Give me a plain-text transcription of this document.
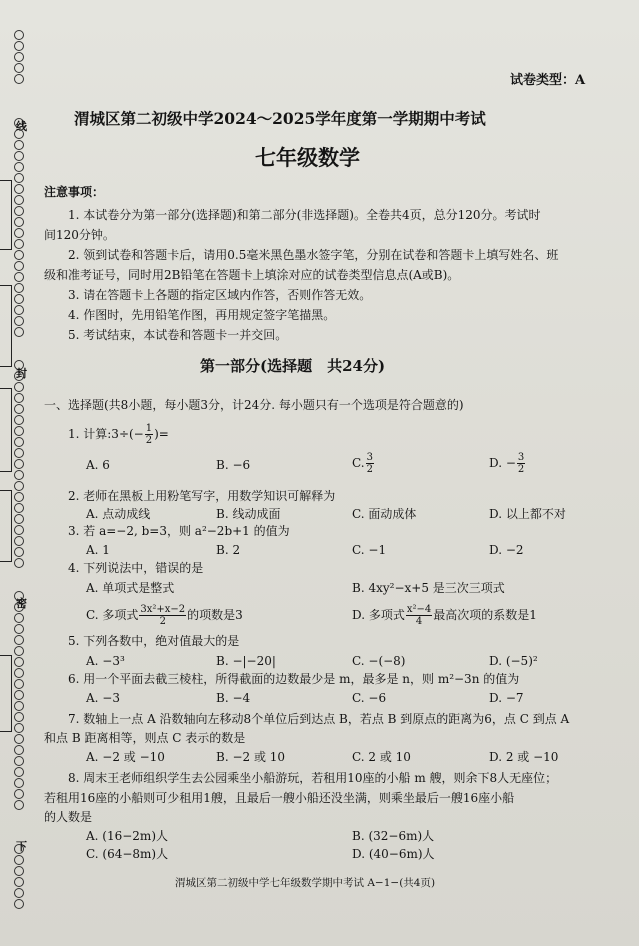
线
封
密
下
试卷类型：A
渭城区第二初级中学2024～2025学年度第一学期期中考试
七年级数学
注意事项：
1. 本试卷分为第一部分(选择题)和第二部分(非选择题)。全卷共4页，总分120分。考试时
间120分钟。
2. 领到试卷和答题卡后，请用0.5毫米黑色墨水签字笔，分别在试卷和答题卡上填写姓名、班
级和准考证号，同时用2B铅笔在答题卡上填涂对应的试卷类型信息点(A或B)。
3. 请在答题卡上各题的指定区域内作答，否则作答无效。
4. 作图时，先用铅笔作图，再用规定签字笔描黑。
5. 考试结束，本试卷和答题卡一并交回。
第一部分(选择题　共24分)
一、选择题(共8小题，每小题3分，计24分. 每小题只有一个选项是符合题意的)
1. 计算:3÷(− $\frac{1}{2}$ )=
A. 6	B. −6	C. $\frac{3}{2}$	D. − $\frac{3}{2}$
2. 老师在黑板上用粉笔写字，用数学知识可解释为
A. 点动成线	B. 线动成面	C. 面动成体	D. 以上都不对
3. 若 a=−2, b=3，则 a²−2b+1 的值为
A. 1	B. 2	C. −1	D. −2
4. 下列说法中，错误的是
A. 单项式是整式	B. 4xy²−x+5 是三次三项式
C. 多项式 $\frac{\text{3x²+x−2}}{2}$ 的项数是3	D. 多项式 $\frac{\text{x²−4}}{4}$ 最高次项的系数是1
5. 下列各数中，绝对值最大的是
A. −3³	B. −|−20|	C. −(−8)	D. (−5)²
6. 用一个平面去截三棱柱，所得截面的边数最少是 m，最多是 n，则 m²−3n 的值为
A. −3	B. −4	C. −6	D. −7
7. 数轴上一点 A 沿数轴向左移动8个单位后到达点 B，若点 B 到原点的距离为6，点 C 到点 A
和点 B 距离相等，则点 C 表示的数是
A. −2 或 −10	B. −2 或 10	C. 2 或 10	D. 2 或 −10
8. 周末王老师组织学生去公园乘坐小船游玩，若租用10座的小船 m 艘，则余下8人无座位；
若租用16座的小船则可少租用1艘，且最后一艘小船还没坐满，则乘坐最后一艘16座小船
的人数是
A. (16−2m)人	B. (32−6m)人
C. (64−8m)人	D. (40−6m)人
渭城区第二初级中学七年级数学期中考试 A−1−(共4页)
